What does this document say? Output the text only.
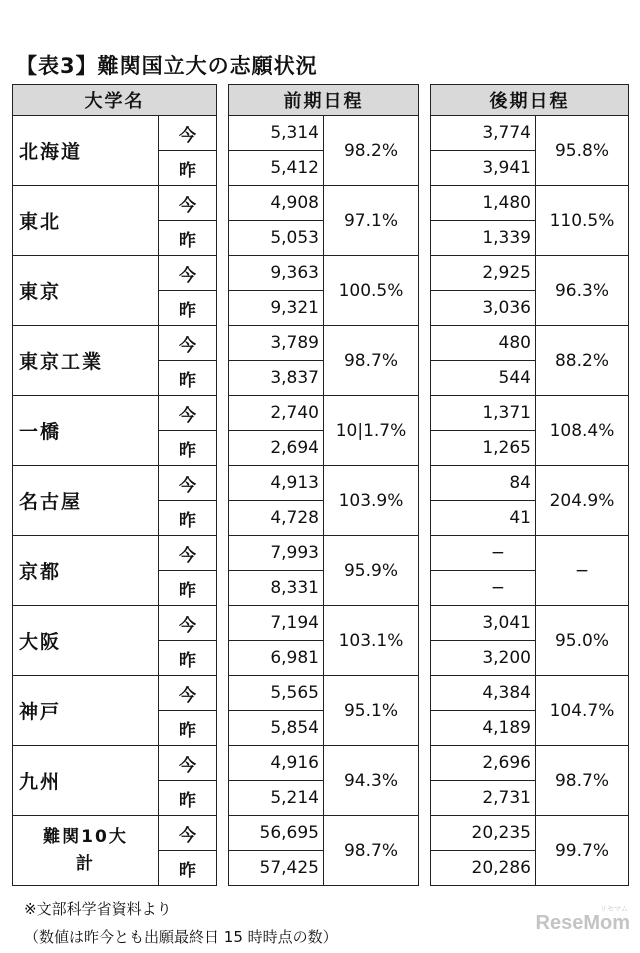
【表3】難関国立大の志願状況
大学名			前期日程			後期日程	
北海道	今		5,314	98.2%		3,774	95.8%
	昨		5,412			3,941	
東北	今		4,908	97.1%		1,480	110.5%
	昨		5,053			1,339	
東京	今		9,363	100.5%		2,925	96.3%
	昨		9,321			3,036	
東京工業	今		3,789	98.7%		480	88.2%
	昨		3,837			544	
一橋	今		2,740	10|1.7%		1,371	108.4%
	昨		2,694			1,265	
名古屋	今		4,913	103.9%		84	204.9%
	昨		4,728			41	
京都	今		7,993	95.9%		−	−
	昨		8,331			−	
大阪	今		7,194	103.1%		3,041	95.0%
	昨		6,981			3,200	
神戸	今		5,565	95.1%		4,384	104.7%
	昨		5,854			4,189	
九州	今		4,916	94.3%		2,696	98.7%
	昨		5,214			2,731	

難関10大
計	今		56,695	98.7%		20,235	99.7%
	昨		57,425			20,286	
※文部科学省資料より
（数値は昨今とも出願最終日 15 時時点の数）
ReseMom
リセマム
